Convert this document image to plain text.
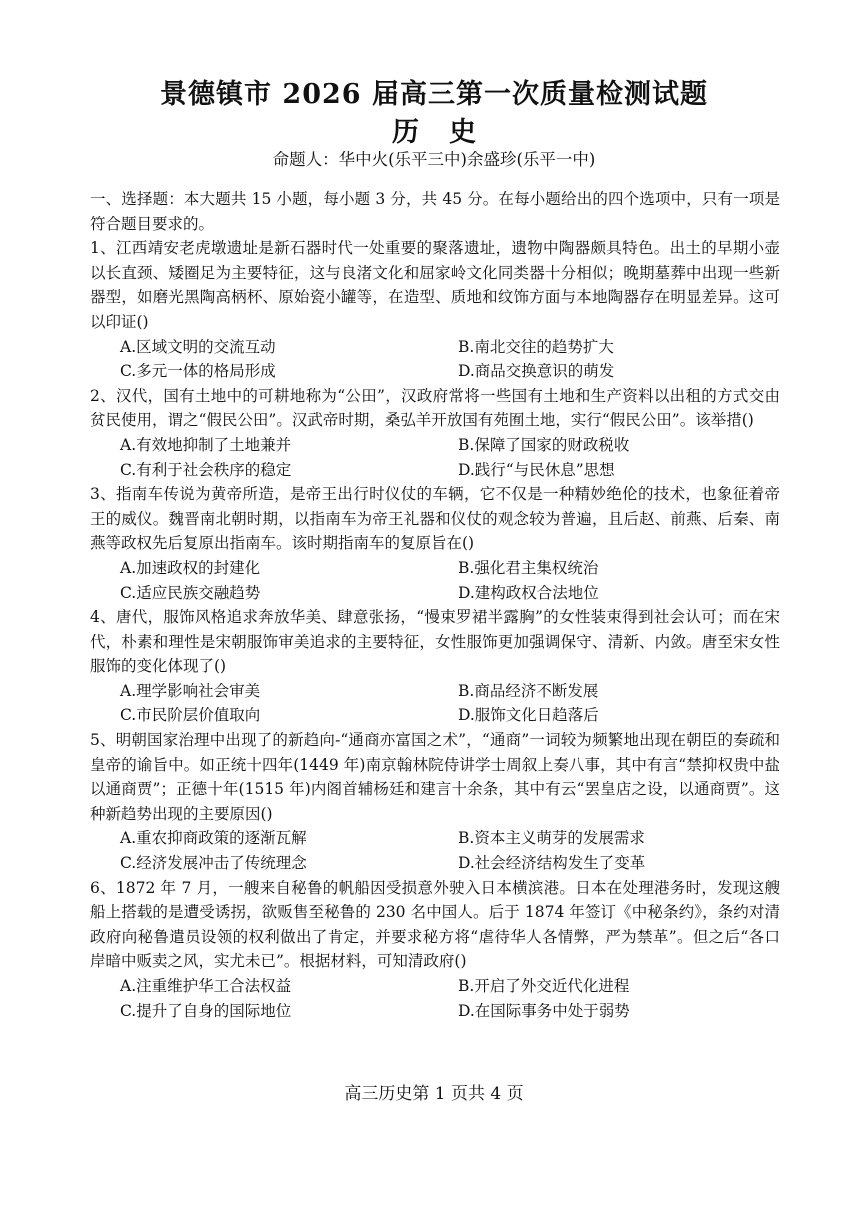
景德镇市 2026 届高三第一次质量检测试题
历史
命题人：华中火(乐平三中)余盛珍(乐平一中)

一、选择题：本大题共 15 小题，每小题 3 分，共 45 分。在每小题给出的四个选项中，只有一项是符合题目要求的。

1、江西靖安老虎墩遗址是新石器时代一处重要的聚落遗址，遗物中陶器颇具特色。出土的早期小壶以长直颈、矮圈足为主要特征，这与良渚文化和屈家岭文化同类器十分相似；晚期墓葬中出现一些新器型，如磨光黑陶高柄杯、原始瓷小罐等，在造型、质地和纹饰方面与本地陶器存在明显差异。这可以印证()

A.区域文明的交流互动	B.南北交往的趋势扩大
C.多元一体的格局形成	D.商品交换意识的萌发

2、汉代，国有土地中的可耕地称为“公田”，汉政府常将一些国有土地和生产资料以出租的方式交由贫民使用，谓之“假民公田”。汉武帝时期，桑弘羊开放国有苑囿土地，实行“假民公田”。该举措()

A.有效地抑制了土地兼并	B.保障了国家的财政税收
C.有利于社会秩序的稳定	D.践行“与民休息”思想

3、指南车传说为黄帝所造，是帝王出行时仪仗的车辆，它不仅是一种精妙绝伦的技术，也象征着帝王的威仪。魏晋南北朝时期，以指南车为帝王礼器和仪仗的观念较为普遍，且后赵、前燕、后秦、南燕等政权先后复原出指南车。该时期指南车的复原旨在()

A.加速政权的封建化	B.强化君主集权统治
C.适应民族交融趋势	D.建构政权合法地位

4、唐代，服饰风格追求奔放华美、肆意张扬，“慢束罗裙半露胸”的女性装束得到社会认可；而在宋代，朴素和理性是宋朝服饰审美追求的主要特征，女性服饰更加强调保守、清新、内敛。唐至宋女性服饰的变化体现了()

A.理学影响社会审美	B.商品经济不断发展
C.市民阶层价值取向	D.服饰文化日趋落后

5、明朝国家治理中出现了的新趋向-“通商亦富国之术”，“通商”一词较为频繁地出现在朝臣的奏疏和皇帝的谕旨中。如正统十四年(1449 年)南京翰林院侍讲学士周叙上奏八事，其中有言“禁抑权贵中盐以通商贾”；正德十年(1515 年)内阁首辅杨廷和建言十余条，其中有云“罢皇店之设，以通商贾”。这种新趋势出现的主要原因()

A.重农抑商政策的逐渐瓦解	B.资本主义萌芽的发展需求
C.经济发展冲击了传统理念	D.社会经济结构发生了变革

6、1872 年 7 月，一艘来自秘鲁的帆船因受损意外驶入日本横滨港。日本在处理港务时，发现这艘船上搭载的是遭受诱拐，欲贩售至秘鲁的 230 名中国人。后于 1874 年签订《中秘条约》，条约对清政府向秘鲁遣员设领的权利做出了肯定，并要求秘方将“虐待华人各情弊，严为禁革”。但之后“各口岸暗中贩卖之风，实尤未已”。根据材料，可知清政府()

A.注重维护华工合法权益	B.开启了外交近代化进程
C.提升了自身的国际地位	D.在国际事务中处于弱势
高三历史第 1 页共 4 页
